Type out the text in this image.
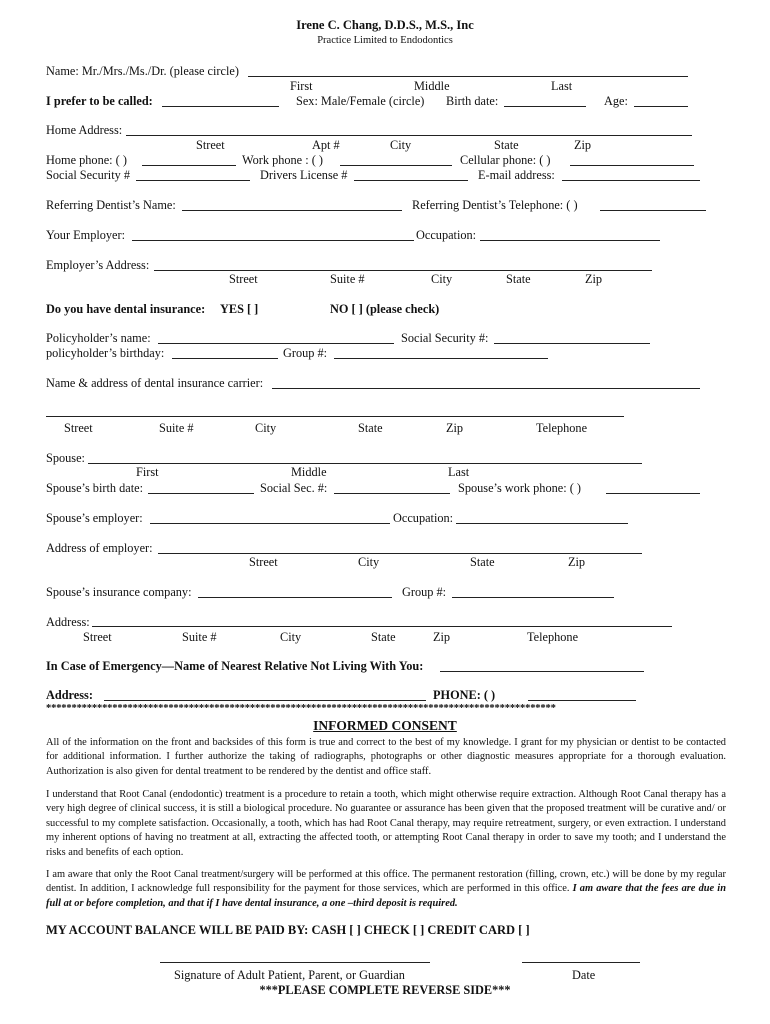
Irene C. Chang, D.D.S., M.S., Inc
Practice Limited to Endodontics
Name: Mr./Mrs./Ms./Dr. (please circle)
First	Middle	Last
I prefer to be called:	Sex: Male/Female (circle) Birth date:	Age:
Home Address:
Street	Apt #	City	State	Zip
Home phone: ( )	Work phone : ( )	Cellular phone: ( )
Social Security #	Drivers License #	E-mail address:
Referring Dentist’s Name:	Referring Dentist’s Telephone: ( )
Your Employer:	Occupation:
Employer’s Address:
Street	Suite #	City	State	Zip
Do you have dental insurance: YES [ ]	NO [ ] (please check)
Policyholder’s name:	Social Security #:
policyholder’s birthday:	Group #:
Name & address of dental insurance carrier:
Street	Suite #	City	State	Zip	Telephone
Spouse:
First	Middle	Last
Spouse’s birth date:	Social Sec. #:	Spouse’s work phone: ( )
Spouse’s employer:	Occupation:
Address of employer:
Street	City	State	Zip
Spouse’s insurance company:	Group #:
Address:
Street	Suite #	City	State	Zip	Telephone
In Case of Emergency—Name of Nearest Relative Not Living With You:
Address:	PHONE: ( )
****************************************************************************************************
INFORMED CONSENT
All of the information on the front and backsides of this form is true and correct to the best of my knowledge. I grant for my physician or dentist to be contacted for additional information. I further authorize the taking of radiographs, photographs or other diagnostic measures appropriate for a thorough evaluation. Authorization is also given for dental treatment to be rendered by the dentist and office staff.
I understand that Root Canal (endodontic) treatment is a procedure to retain a tooth, which might otherwise require extraction. Although Root Canal therapy has a very high degree of clinical success, it is still a biological procedure. No guarantee or assurance has been given that the proposed treatment will be curative and/ or successful to my complete satisfaction. Occasionally, a tooth, which has had Root Canal therapy, may require retreatment, surgery, or even extraction. I understand my inherent options of having no treatment at all, extracting the affected tooth, or attempting Root Canal therapy in order to save my tooth; and I understand the risks and benefits of each option.
I am aware that only the Root Canal treatment/surgery will be performed at this office. The permanent restoration (filling, crown, etc.) will be done by my regular dentist. In addition, I acknowledge full responsibility for the payment for those services, which are performed in this office. I am aware that the fees are due in full at or before completion, and that if I have dental insurance, a one –third deposit is required.
MY ACCOUNT BALANCE WILL BE PAID BY: CASH [ ] CHECK [ ] CREDIT CARD [ ]
Signature of Adult Patient, Parent, or Guardian	Date
***PLEASE COMPLETE REVERSE SIDE***
